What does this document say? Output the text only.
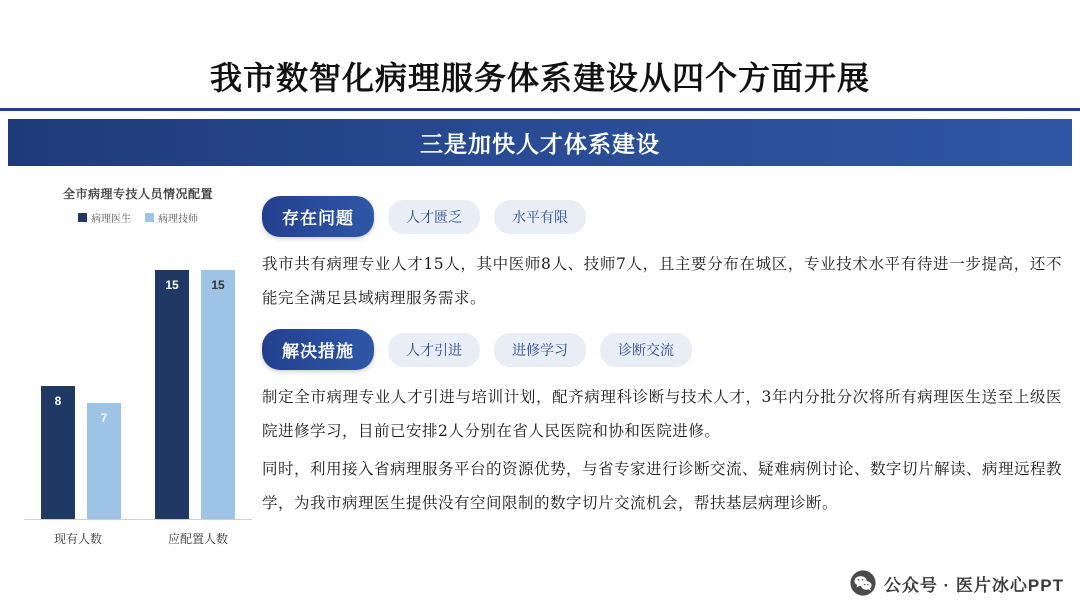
我市数智化病理服务体系建设从四个方面开展
三是加快人才体系建设
全市病理专技人员情况配置
病理医生	病理技师
8
7
15	15
现有人数	应配置人数
存在问题	人才匮乏	水平有限
我市共有病理专业人才15人，其中医师8人、技师7人，且主要分布在城区，专业技术水平有待进一步提高，还不能完全满足县域病理服务需求。
解决措施	人才引进	进修学习	诊断交流
制定全市病理专业人才引进与培训计划，配齐病理科诊断与技术人才，3年内分批分次将所有病理医生送至上级医院进修学习，目前已安排2人分别在省人民医院和协和医院进修。
同时，利用接入省病理服务平台的资源优势，与省专家进行诊断交流、疑难病例讨论、数字切片解读、病理远程教学，为我市病理医生提供没有空间限制的数字切片交流机会，帮扶基层病理诊断。
公众号 · 医片冰心PPT
